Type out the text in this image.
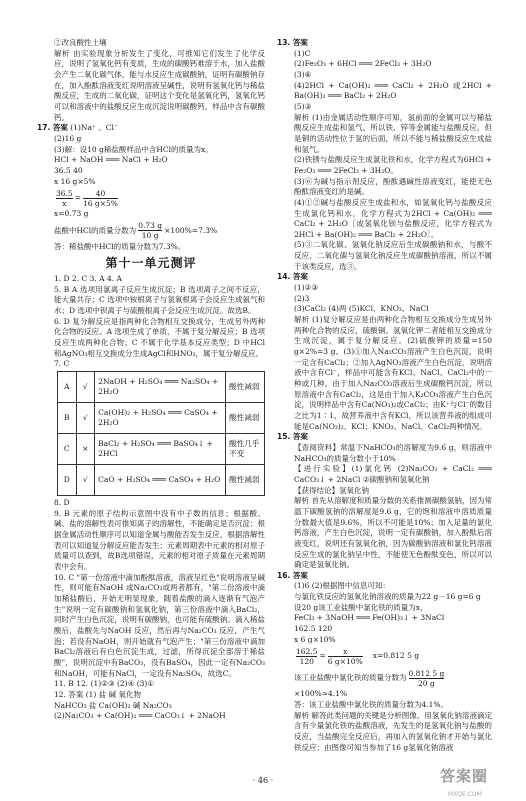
②改良酸性土壤
解析 由实验现象分析发生了变化，可推知它们发生了化学反应，说明了氢氧化钙有变质，生成的碳酸钙难溶于水，加入盐酸会产生二氧化碳气体，能与水反应生成碳酸钠，证明有碳酸钠存在，加入酚酞溶液变红说明溶液呈碱性，说明有氢氧化钙与稀盐酸反应，生成的二氧化碳，证明这个变化是氢氧化钙，氢氧化钙可以和溶液中的盐酸反应生成沉淀说明碳酸钙，样品中含有碳酸钙。
17. 答案 (1)Na⁺ 、Cl⁻
(2)16 g
(3)解：设10 g稀盐酸样品中含HCl的质量为x。
HCl + NaOH ═══ NaCl + H₂O
36.5 40
x 16 g×5%
$\frac{36.5}{x} = \frac{40}{16 g\times 5\%}$
x=0.73 g
盐酸中HCl的质量分数为 $\frac{0.73 g}{10 g} \times 100\%=7.3\%$
答：稀盐酸中HCl的质量分数为7.3%。
第十一单元测评
1. D 2. C 3. A 4. A
5. B A 选项用氯离子反应生成沉淀；B 选项离子之间不反应，能大量共存；C 选项中铵根离子与氢氧根离子会反应生成氨气和水；D 选项中钡离子与硫酸根离子会反应生成沉淀。故选B。
6. D 复分解反应是指两种化合物相互交换成分，生成另外两种化合物的反应。A 选项生成了单质，不属于复分解反应；B 选项反应生成两种化合物；C 不属于化学基本反应类型；D 中HCl 和AgNO₃相互交换成分生成AgCl和HNO₃，属于复分解反应。
7. C
A	√	2NaOH + H₂SO₄ ═══ Na₂SO₄ + 2H₂O	酸性减弱
B	√	Ca(OH)₂ + H₂SO₄ ═══ CaSO₄ + 2H₂O	酸性减弱
C	×	BaCl₂ + H₂SO₄ ═══ BaSO₄↓ + 2HCl	酸性几乎不变
D	√	CaO + H₂SO₄ ═══ CaSO₄ + H₂O	酸性减弱
8. D
9. B 元素的原子结构示意图中没有中子数的信息；根据酸、碱、盐的溶解性表可推知离子的溶解性，不能确定是否沉淀；根据金属活动性顺序可以知道金属与酸能否发生反应，根据溶解性表可以知道复分解反应能否发生；元素周期表中元素的相对原子质量可以查到，故B选项错误，元素的相对原子质量在元素周期表中会有。
10. C "第一份溶液中滴加酚酞溶液，溶液呈红色"说明溶液呈碱性，则可能有NaOH 或Na₂CO₃或两者都有，"第二份溶液中滴加稀盐酸后，开始无明显现象，随着盐酸的滴入逐渐有气泡产生"说明一定有碳酸钠和氢氧化钠，第三份溶液中滴入BaCl₂，同时产生白色沉淀，说明有碳酸钠，也可能有硫酸钠。滴入稀盐酸后，盐酸先与NaOH 反应，然后再与Na₂CO₃ 反应，产生气泡；若没有NaOH，则开始就有气泡产生；"第三份溶液中滴加BaCl₂溶液后有白色沉淀生成，过滤，所得沉淀全部溶于稀盐酸"，说明沉淀中有BaCO₃，没有BaSO₄，因此一定有Na₂CO₃和NaOH，可能有NaCl，一定没有Na₂SO₄，故选C。
11. B 12. (1)②③ (2)④ (3)①
12. 答案 (1) 盐 碱 氧化物
NaHCO₃ 盐 Ca(OH)₂ 碱 Na₂CO₃
(2)Na₂CO₃ + Ca(OH)₂ ═══ CaCO₃↓ + 2NaOH
13. 答案
(1)C
(2)Fe₂O₃ + 6HCl ═══ 2FeCl₃ + 3H₂O
(3)⑥
(4)2HCl + Ca(OH)₂ ═══ CaCl₂ + 2H₂O 或2HCl + Ba(OH)₂ ═══ BaCl₂ + 2H₂O
(5)③
解析 (1)由金属活动性顺序可知，氢前面的金属可以与稀盐酸反应生成盐和氢气，所以铁、锌等金属能与盐酸反应，但是铜的活动性位于氢的后面，所以不能与稀盐酸反应生成盐和氢气。
(2)铁锈与盐酸反应生成氯化铁和水，化学方程式为6HCl + Fe₂O₃ ═══ 2FeCl₃ + 3H₂O。
(3)⑥为碱与指示剂反应，酚酞遇碱性溶液变红，能使无色酚酞溶液变红的是碱。
(4)①②碱与盐酸反应生成盐和水，如氢氧化钙与盐酸反应生成氯化钙和水，化学方程式为2HCl + Ca(OH)₂ ═══ CaCl₂ + 2H₂O［或氢氧化钡与盐酸反应，化学方程式为2HCl + Ba(OH)₂ ═══ BaCl₂ + 2H₂O］。
(5)③二氧化碳、氢氧化钠反应后生成碳酸钠和水，与酸不反应，二氧化碳与氢氧化钠反应生成碳酸钠溶液，所以不属于该类反应，选③。
14. 答案
(1)②③
(2)3
(3)CaCl₂ (4)两 (5)KCl、KNO₃、NaCl
解析 (1)复分解反应是由两种化合物相互交换成分生成另外两种化合物的反应，硫酸铜、氢氧化钾二者能相互交换成分生成沉淀，属于复分解反应。(2)硫酸钾的质量=150 g×2%=3 g。(3)①加入Na₂CO₃溶液产生白色沉淀，说明一定含有CaCl₂；②加入AgNO₃溶液产生白色沉淀，说明溶液中含有Cl⁻，样品中可能含有KCl、NaCl、CaCl₂中的一种或几种。由于加入Na₂CO₃溶液后生成碳酸钙沉淀，所以原溶液中含有CaCl₂，这是由于加入K₂CO₃溶液产生白色沉淀，说明样品中含有Ca(NO₃)₂或CaCl₂；由K⁺与Cl⁻的数目之比为1∶1，故营养液中含有KCl，所以该营养液的组成可能是Ca(NO₃)₂、KCl；KNO₃、NaCl、CaCl₂两种情况。
15. 答案
【查阅资料】常温下NaHCO₃的溶解度为9.6 g，则溶液中NaHCO₃的质量分数小于10%
【进行实验】(1)氯化钙 (2)Na₂CO₃ + CaCl₂ ═══ CaCO₃↓ + 2NaCl ②碳酸钠和氢氧化钠
【获得结论】氢氧化钠
解析 首先从溶解度和质量分数的关系推测碳酸氢钠，因为常温下碳酸氢钠的溶解度是9.6 g，它的饱和溶液中溶质质量分数最大值是9.6%，所以不可能是10%；加入足量的氯化钙溶液，产生白色沉淀，说明一定有碳酸钠，加入酚酞后溶液变红，说明还有氢氧化钠，因为碳酸钠溶液和氯化钙溶液反应生成的氯化钠呈中性，不能使无色酚酞变色，所以可以确定是氢氧化钠。
16. 答案
(1)6 (2)根据图中信息可知：
与氯化铁反应的氢氧化钠溶液的质量为22 g－16 g=6 g
设20 g该工业盐酸中氯化铁的质量为x，
FeCl₃ + 3NaOH ═══ Fe(OH)₃↓ + 3NaCl
162.5 120
x 6 g×10%
$\frac{162.5}{120} = \frac{x}{6 g\times 10\%} x=0.812$ 5 g
该工业盐酸中氯化铁的质量分数为 $\frac{0.812 5 g}{20 g}$
×100%≈4.1%
答：该工业盐酸中氯化铁的质量分数为4.1%。
解析 解答此类问题的关键是分析图像。用氢氧化钠溶液滴定含有少量氯化铁的盐酸溶液，先发生的是氢氧化钠与盐酸的反应，当盐酸完全反应后，再加入的氢氧化钠才开始与氯化铁反应；由图像可知当参加了16 g氢氧化钠溶液
· 46 ·	答案圈
MXQE.COM
